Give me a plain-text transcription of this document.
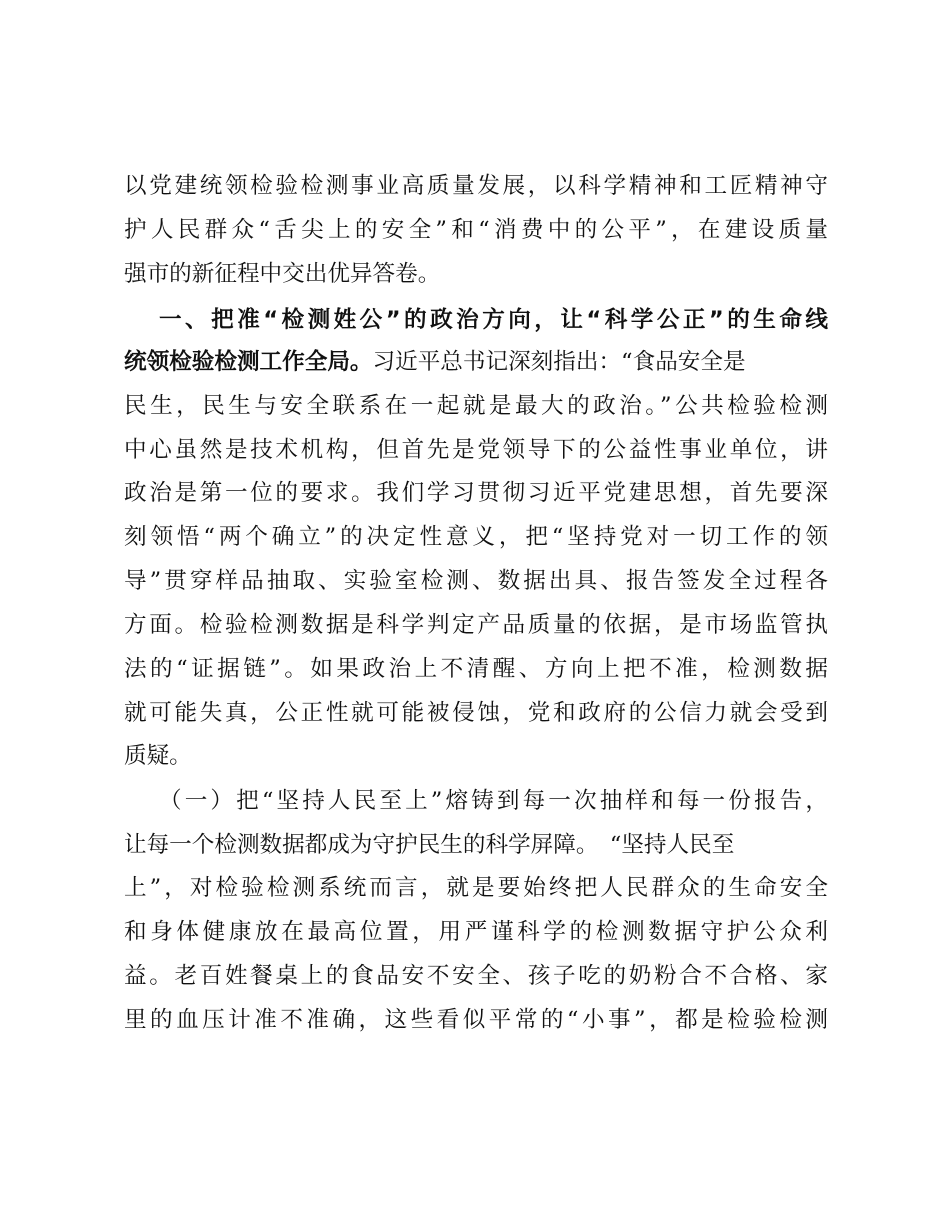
以党建统领检验检测事业高质量发展，以科学精神和工匠精神守
护人民群众“舌尖上的安全”和“消费中的公平”，在建设质量
强市的新征程中交出优异答卷。
一、把准“检测姓公”的政治方向，让“科学公正”的生命线
统领检验检测工作全局。习近平总书记深刻指出：“食品安全是
民生，民生与安全联系在一起就是最大的政治。”公共检验检测
中心虽然是技术机构，但首先是党领导下的公益性事业单位，讲
政治是第一位的要求。我们学习贯彻习近平党建思想，首先要深
刻领悟“两个确立”的决定性意义，把“坚持党对一切工作的领
导”贯穿样品抽取、实验室检测、数据出具、报告签发全过程各
方面。检验检测数据是科学判定产品质量的依据，是市场监管执
法的“证据链”。如果政治上不清醒、方向上把不准，检测数据
就可能失真，公正性就可能被侵蚀，党和政府的公信力就会受到
质疑。
（一）把“坚持人民至上”熔铸到每一次抽样和每一份报告，
让每一个检测数据都成为守护民生的科学屏障。　 “坚持人民至
上”，对检验检测系统而言，就是要始终把人民群众的生命安全
和身体健康放在最高位置，用严谨科学的检测数据守护公众利
益。老百姓餐桌上的食品安不安全、孩子吃的奶粉合不合格、家
里的血压计准不准确，这些看似平常的“小事”，都是检验检测
